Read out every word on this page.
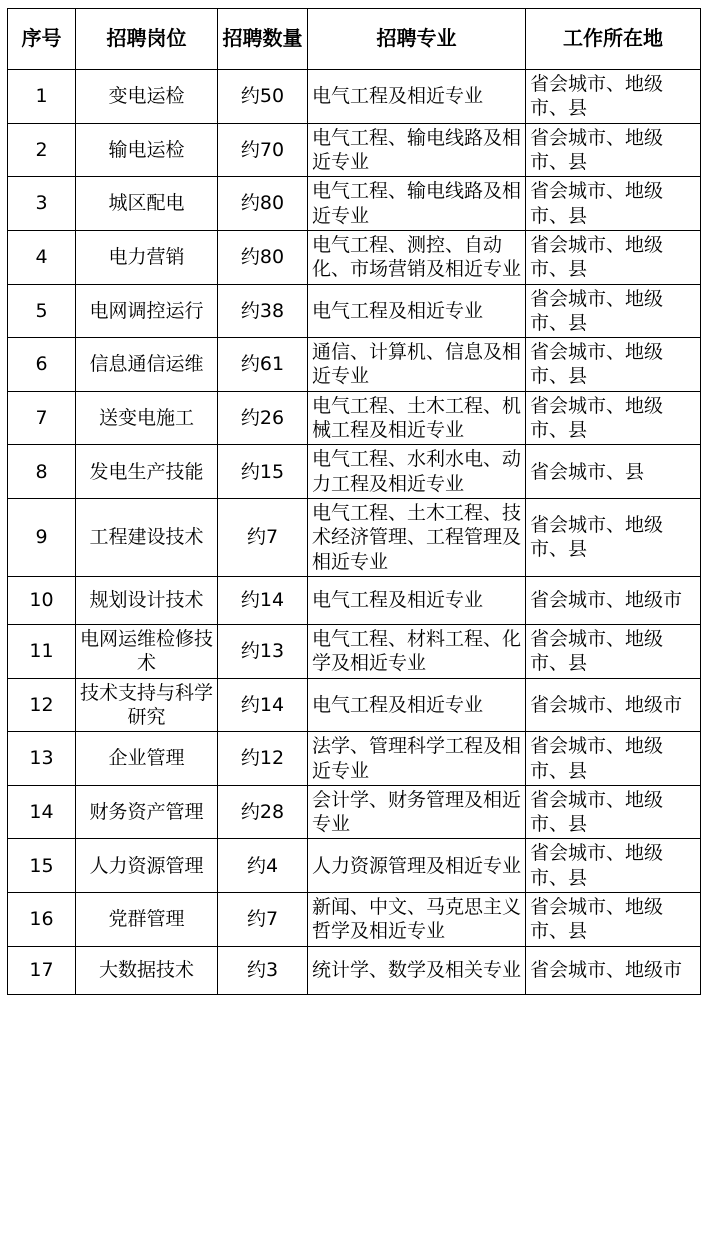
序号	招聘岗位	招聘数量	招聘专业	工作所在地
1	变电运检	约50	电气工程及相近专业	省会城市、地级市、县
2	输电运检	约70	电气工程、输电线路及相近专业	省会城市、地级市、县
3	城区配电	约80	电气工程、输电线路及相近专业	省会城市、地级市、县
4	电力营销	约80	电气工程、测控、自动化、市场营销及相近专业	省会城市、地级市、县
5	电网调控运行	约38	电气工程及相近专业	省会城市、地级市、县
6	信息通信运维	约61	通信、计算机、信息及相近专业	省会城市、地级市、县
7	送变电施工	约26	电气工程、土木工程、机械工程及相近专业	省会城市、地级市、县
8	发电生产技能	约15	电气工程、水利水电、动力工程及相近专业	省会城市、县
9	工程建设技术	约7	电气工程、土木工程、技术经济管理、工程管理及相近专业	省会城市、地级市、县
10	规划设计技术	约14	电气工程及相近专业	省会城市、地级市
11	电网运维检修技术	约13	电气工程、材料工程、化学及相近专业	省会城市、地级市、县
12	技术支持与科学研究	约14	电气工程及相近专业	省会城市、地级市
13	企业管理	约12	法学、管理科学工程及相近专业	省会城市、地级市、县
14	财务资产管理	约28	会计学、财务管理及相近专业	省会城市、地级市、县
15	人力资源管理	约4	人力资源管理及相近专业	省会城市、地级市、县
16	党群管理	约7	新闻、中文、马克思主义哲学及相近专业	省会城市、地级市、县
17	大数据技术	约3	统计学、数学及相关专业	省会城市、地级市
